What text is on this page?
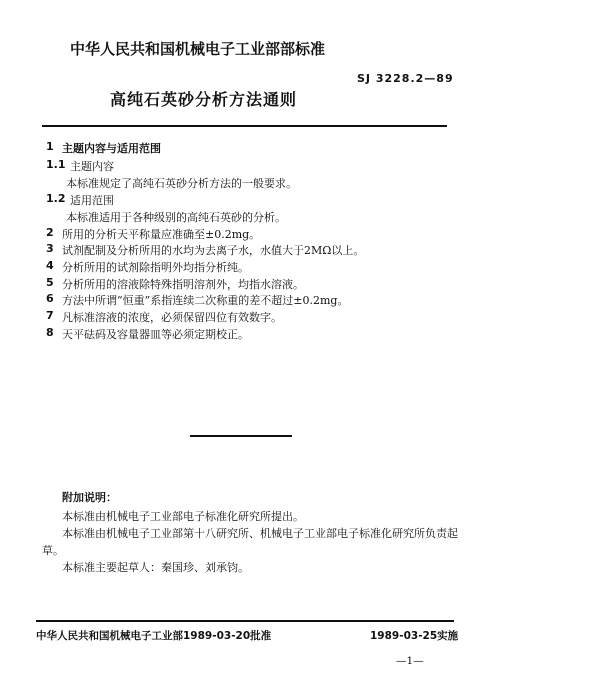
中华人民共和国机械电子工业部部标准
SJ 3228.2—89
高纯石英砂分析方法通则
1 主题内容与适用范围
1.1 主题内容
本标准规定了高纯石英砂分析方法的一般要求。
1.2 适用范围
本标准适用于各种级别的高纯石英砂的分析。
2 所用的分析天平称量应准确至±0.2mg。
3 试剂配制及分析所用的水均为去离子水，水值大于2MΩ以上。
4 分析所用的试剂除指明外均指分析纯。
5 分析所用的溶液除特殊指明溶剂外，均指水溶液。
6 方法中所谓“恒重”系指连续二次称重的差不超过±0.2mg。
7 凡标准溶液的浓度，必须保留四位有效数字。
8 天平砝码及容量器皿等必须定期校正。
附加说明：
本标准由机械电子工业部电子标准化研究所提出。
本标准由机械电子工业部第十八研究所、机械电子工业部电子标准化研究所负责起
草。
本标准主要起草人：秦国珍、刘承钧。
中华人民共和国机械电子工业部1989-03-20批准	1989-03-25实施
—1—
